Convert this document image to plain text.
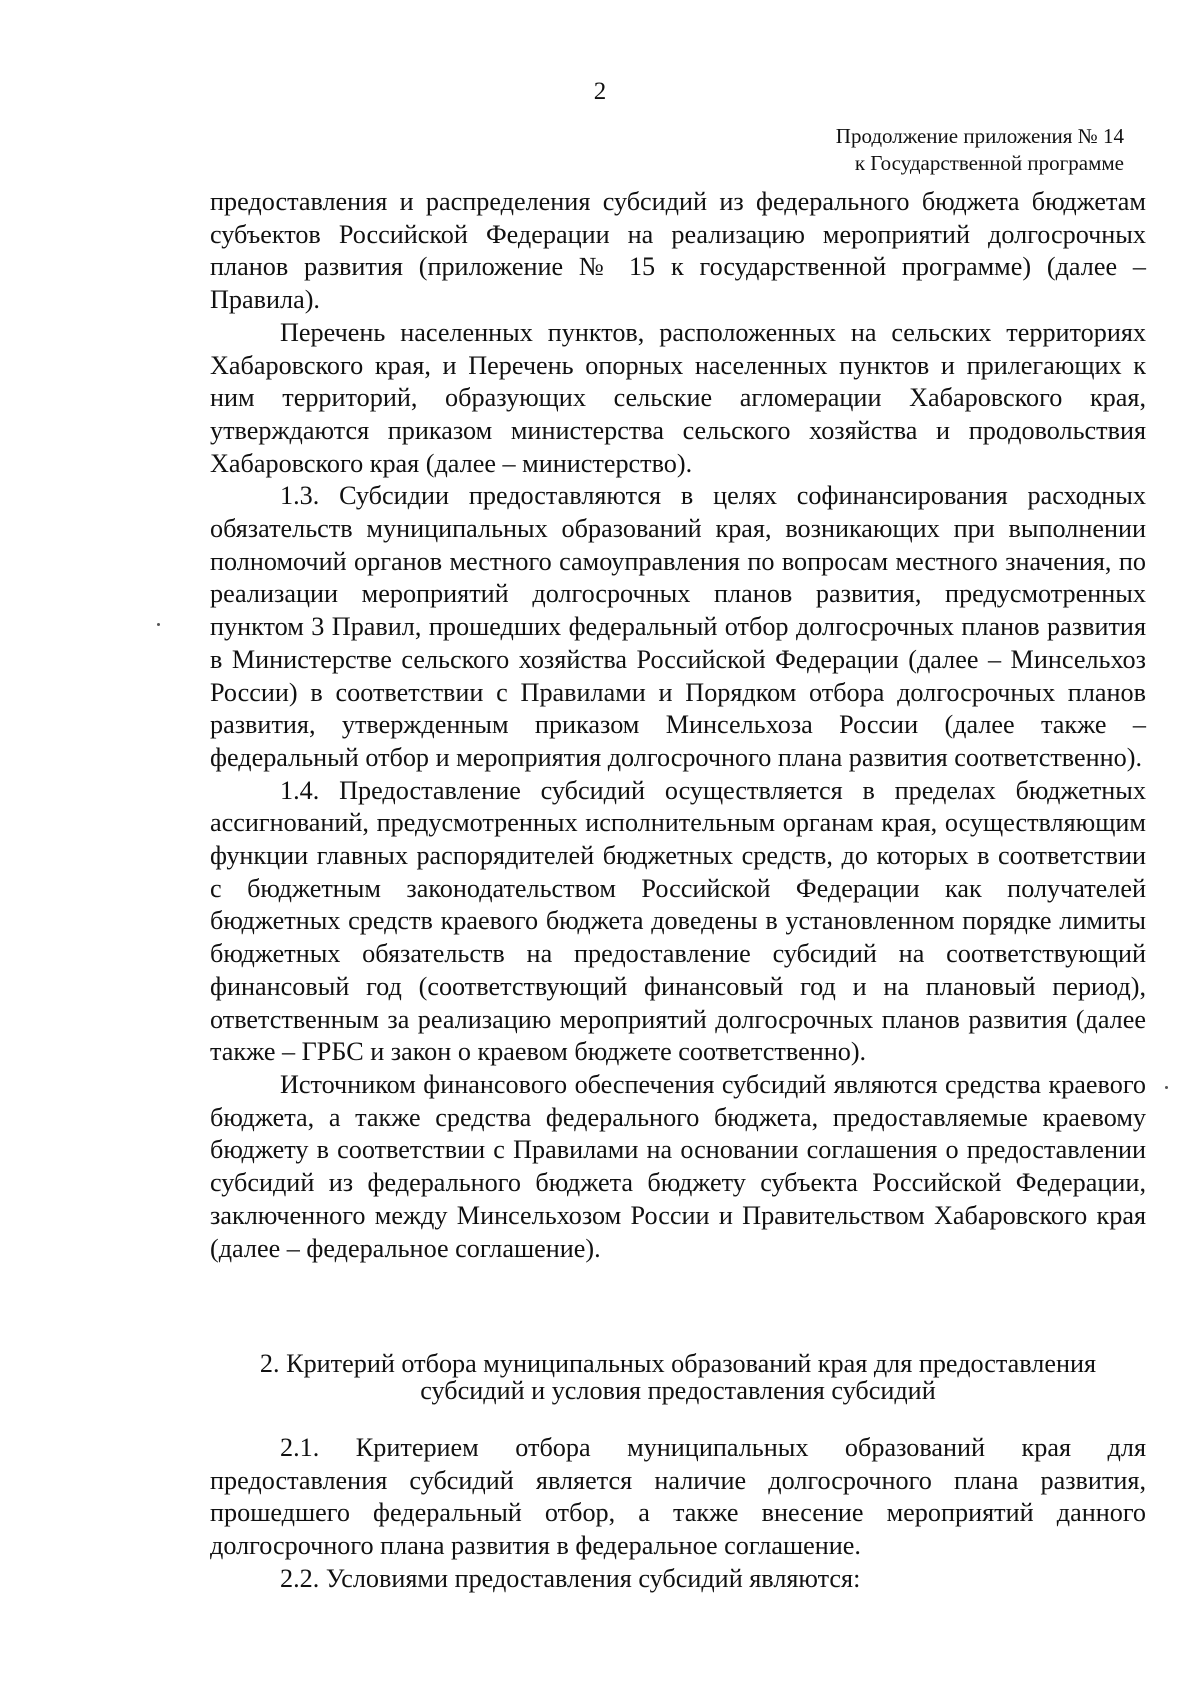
2
Продолжение приложения № 14
к Государственной программе

предоставления и распределения субсидий из федерального бюджета бюджетам субъектов Российской Федерации на реализацию мероприятий долгосрочных планов развития (приложение № 15 к государственной программе) (далее – Правила).

Перечень населенных пунктов, расположенных на сельских территориях Хабаровского края, и Перечень опорных населенных пунктов и прилегающих к ним территорий, образующих сельские агломерации Хабаровского края, утверждаются приказом министерства сельского хозяйства и продовольствия Хабаровского края (далее – министерство).

1.3. Субсидии предоставляются в целях софинансирования расходных обязательств муниципальных образований края, возникающих при выполнении полномочий органов местного самоуправления по вопросам местного значения, по реализации мероприятий долгосрочных планов развития, предусмотренных пунктом 3 Правил, прошедших федеральный отбор долгосрочных планов развития в Министерстве сельского хозяйства Российской Федерации (далее – Минсельхоз России) в соответствии с Правилами и Порядком отбора долгосрочных планов развития, утвержденным приказом Минсельхоза России (далее также – федеральный отбор и мероприятия долгосрочного плана развития соответственно).

1.4. Предоставление субсидий осуществляется в пределах бюджетных ассигнований, предусмотренных исполнительным органам края, осуществляющим функции главных распорядителей бюджетных средств, до которых в соответствии с бюджетным законодательством Российской Федерации как получателей бюджетных средств краевого бюджета доведены в установленном порядке лимиты бюджетных обязательств на предоставление субсидий на соответствующий финансовый год (соответствующий финансовый год и на плановый период), ответственным за реализацию мероприятий долгосрочных планов развития (далее также – ГРБС и закон о краевом бюджете соответственно).

Источником финансового обеспечения субсидий являются средства краевого бюджета, а также средства федерального бюджета, предоставляемые краевому бюджету в соответствии с Правилами на основании соглашения о предоставлении субсидий из федерального бюджета бюджету субъекта Российской Федерации, заключенного между Минсельхозом России и Правительством Хабаровского края (далее – федеральное соглашение).

2. Критерий отбора муниципальных образований края для предоставления
субсидий и условия предоставления субсидий

2.1. Критерием отбора муниципальных образований края для предоставления субсидий является наличие долгосрочного плана развития, прошедшего федеральный отбор, а также внесение мероприятий данного долгосрочного плана развития в федеральное соглашение.

2.2. Условиями предоставления субсидий являются:
